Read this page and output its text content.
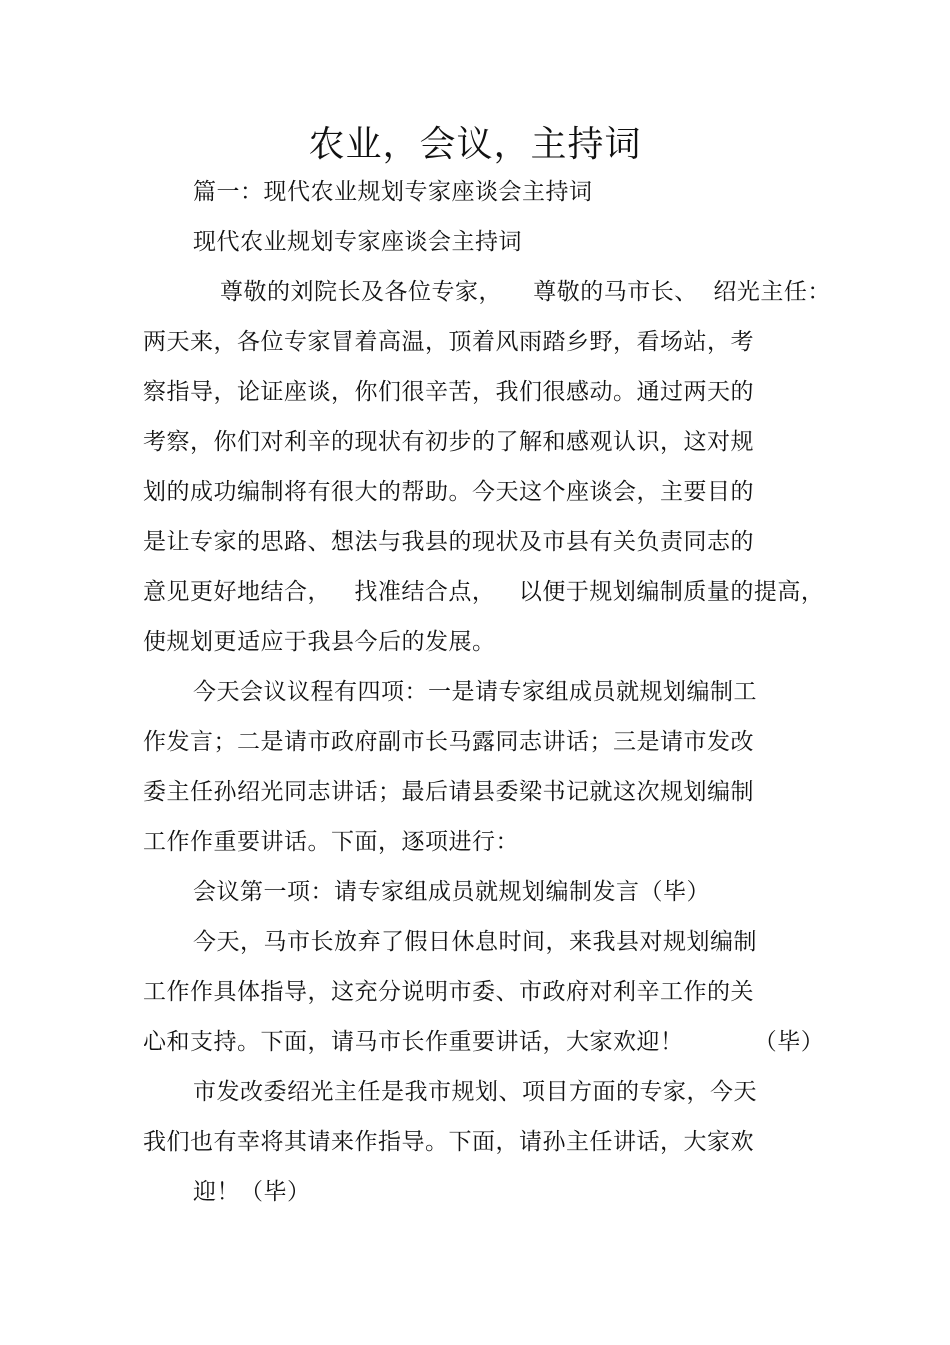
农业，会议，主持词
篇一：现代农业规划专家座谈会主持词
现代农业规划专家座谈会主持词
尊敬的刘院长及各位专家，    尊敬的马市长、  绍光主任：
两天来，各位专家冒着高温，顶着风雨踏乡野，看场站，考
察指导，论证座谈，你们很辛苦，我们很感动。通过两天的
考察，你们对利辛的现状有初步的了解和感观认识，这对规
划的成功编制将有很大的帮助。今天这个座谈会，主要目的
是让专家的思路、想法与我县的现状及市县有关负责同志的
意见更好地结合，   找准结合点，   以便于规划编制质量的提高，
使规划更适应于我县今后的发展。
今天会议议程有四项：一是请专家组成员就规划编制工
作发言；二是请市政府副市长马露同志讲话；三是请市发改
委主任孙绍光同志讲话；最后请县委梁书记就这次规划编制
工作作重要讲话。下面，逐项进行：
会议第一项：请专家组成员就规划编制发言（毕）
今天，马市长放弃了假日休息时间，来我县对规划编制
工作作具体指导，这充分说明市委、市政府对利辛工作的关
心和支持。下面，请马市长作重要讲话，大家欢迎！         （毕）
市发改委绍光主任是我市规划、项目方面的专家，今天
我们也有幸将其请来作指导。下面，请孙主任讲话，大家欢
迎！（毕）
